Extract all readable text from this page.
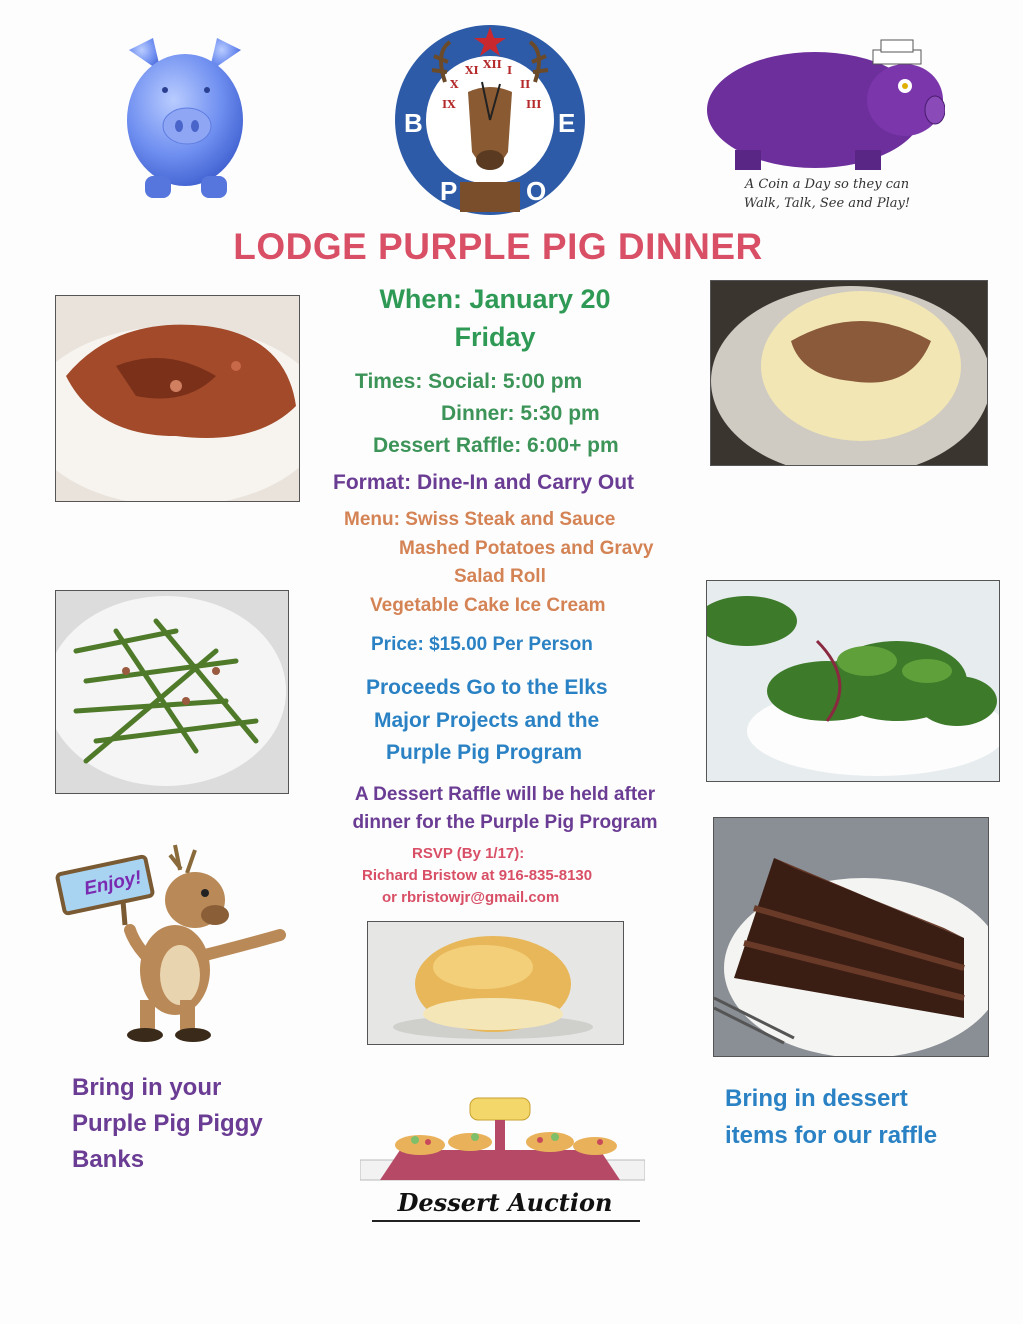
XI XII I
II
III
X
IX
B
P	O
E
A Coin a Day so they can
Walk, Talk, See and Play!
LODGE PURPLE PIG DINNER
Enjoy!
Dessert Auction
When: January 20
Friday
Times: Social: 5:00 pm
Dinner: 5:30 pm
Dessert Raffle: 6:00+ pm
Format: Dine-In and Carry Out
Menu: Swiss Steak and Sauce
Mashed Potatoes and Gravy
Salad Roll
Vegetable Cake Ice Cream
Price: $15.00 Per Person
Proceeds Go to the Elks
Major Projects and the
Purple Pig Program
A Dessert Raffle will be held after
dinner for the Purple Pig Program
RSVP (By 1/17):
Richard Bristow at 916-835-8130
or rbristowjr@gmail.com
Bring in your
Purple Pig Piggy
Banks
Bring in dessert
items for our raffle
